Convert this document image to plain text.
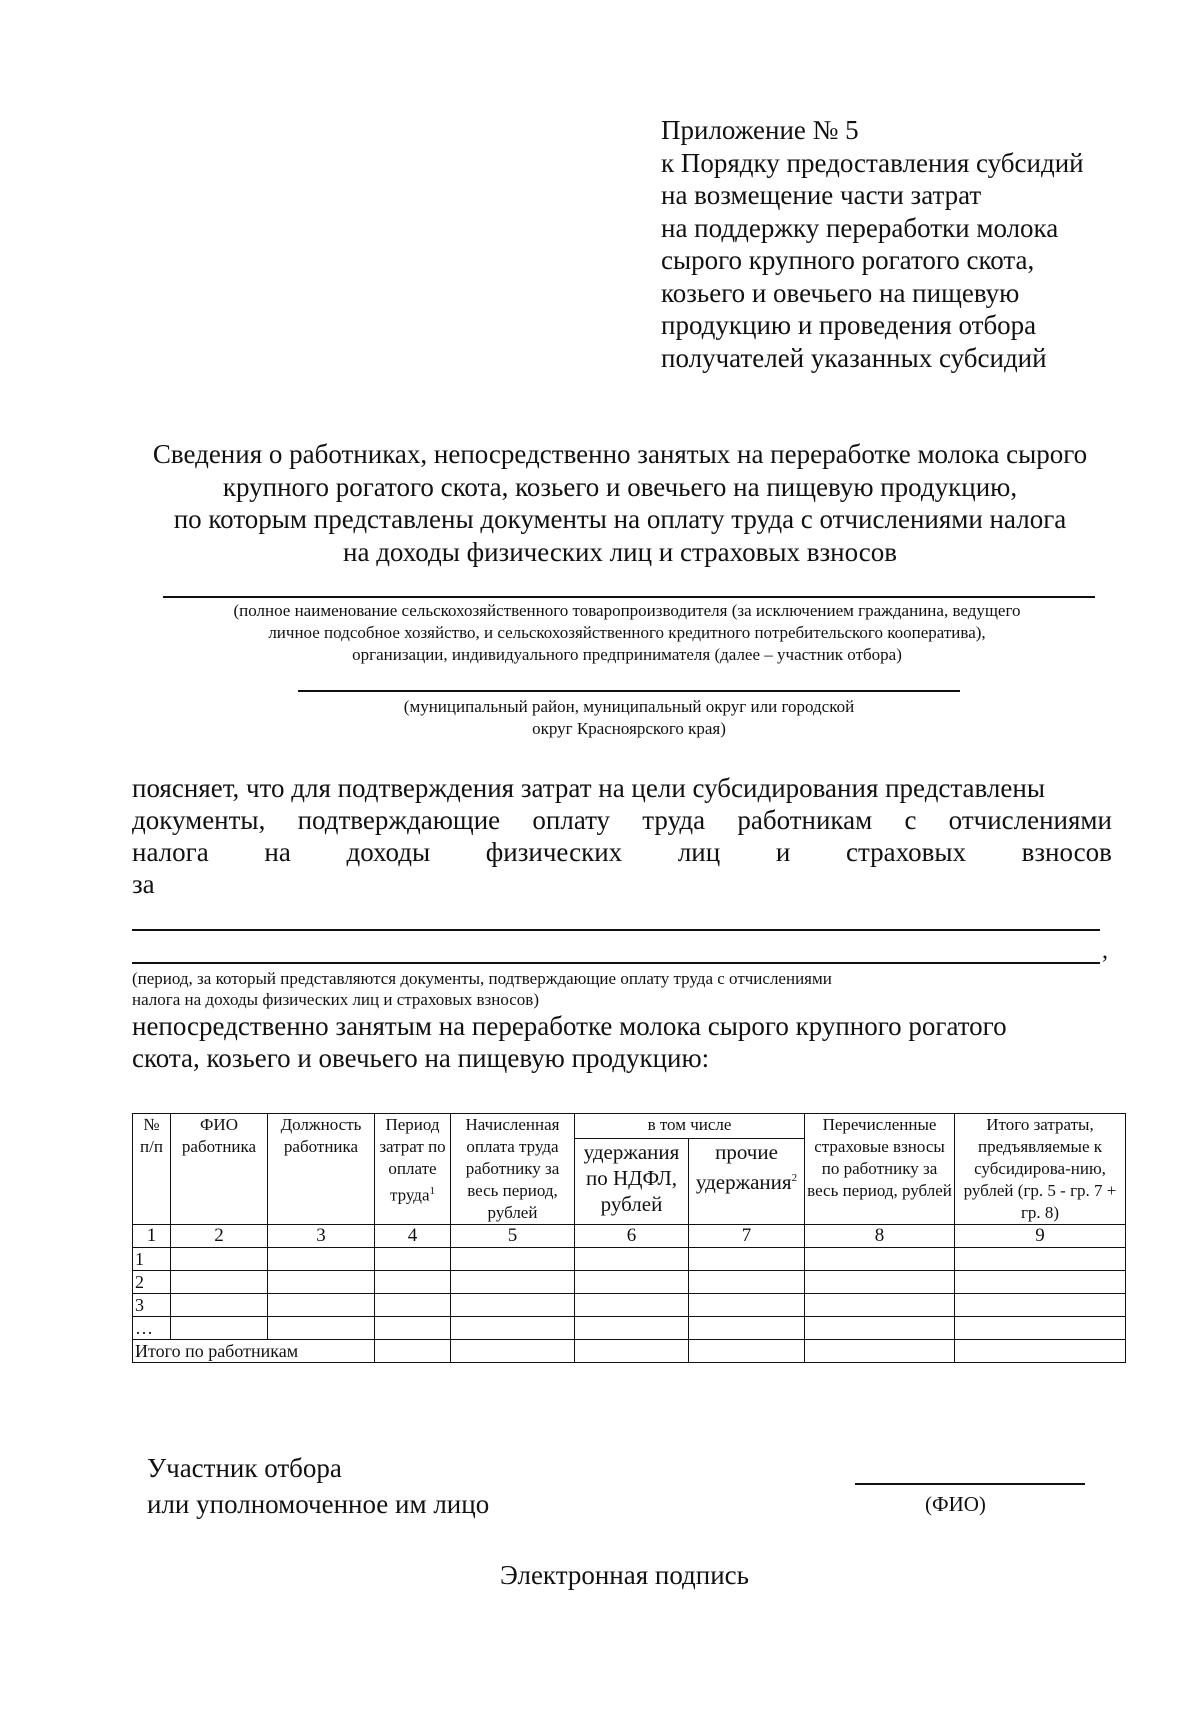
Приложение № 5
к Порядку предоставления субсидий
на возмещение части затрат
на поддержку переработки молока
сырого крупного рогатого скота,
козьего и овечьего на пищевую
продукцию и проведения отбора
получателей указанных субсидий
Сведения о работниках, непосредственно занятых на переработке молока сырого
крупного рогатого скота, козьего и овечьего на пищевую продукцию,
по которым представлены документы на оплату труда с отчислениями налога
на доходы физических лиц и страховых взносов
(полное наименование сельскохозяйственного товаропроизводителя (за исключением гражданина, ведущего
личное подсобное хозяйство, и сельскохозяйственного кредитного потребительского кооператива),
организации, индивидуального предпринимателя (далее – участник отбора)
(муниципальный район, муниципальный округ или городской
округ Красноярского края)
поясняет, что для подтверждения затрат на цели субсидирования представлены
документы, подтверждающие оплату труда работникам с отчислениями
налога на доходы физических лиц и страховых взносов
за
,
(период, за который представляются документы, подтверждающие оплату труда с отчислениями
налога на доходы физических лиц и страховых взносов)
непосредственно занятым на переработке молока сырого крупного рогатого
скота, козьего и овечьего на пищевую продукцию:
№ п/п	ФИО работника	Должность работника	Период затрат по оплате труда$^1$	Начисленная оплата труда работнику за весь период, рублей	в том числе		Перечисленные страховые взносы по работнику за весь период, рублей	Итого затраты, предъявляемые к субсидирова-нию, рублей (гр. 5 - гр. 7 + гр. 8)
					удержания по НДФЛ, рублей	прочие удержания$^2$
1	2	3	4	5	6	7	8	9
1								
2								
3								
…								
Итого по работникам								
Участник отбора
или уполномоченное им лицо	(ФИО)
Электронная подпись
